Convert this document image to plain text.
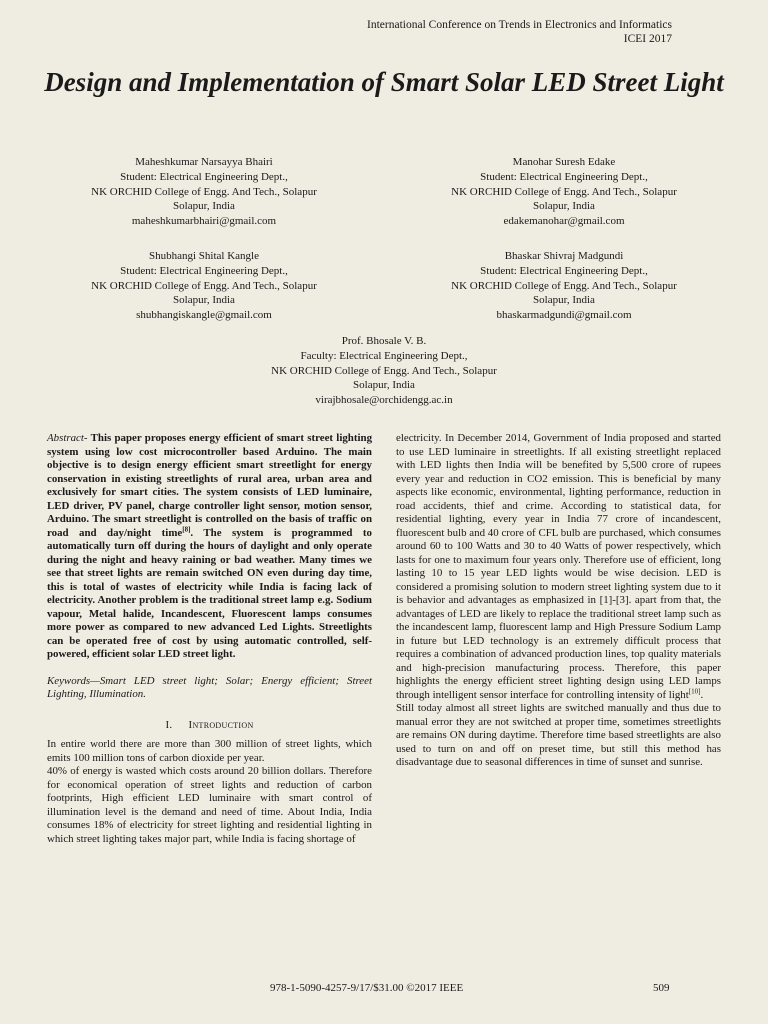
International Conference on Trends in Electronics and Informatics
ICEI 2017
Design and Implementation of Smart Solar LED Street Light
Maheshkumar Narsayya Bhairi
Student: Electrical Engineering Dept.,
NK ORCHID College of Engg. And Tech., Solapur
Solapur, India
maheshkumarbhairi@gmail.com
Manohar Suresh Edake
Student: Electrical Engineering Dept.,
NK ORCHID College of Engg. And Tech., Solapur
Solapur, India
edakemanohar@gmail.com
Shubhangi Shital Kangle
Student: Electrical Engineering Dept.,
NK ORCHID College of Engg. And Tech., Solapur
Solapur, India
shubhangiskangle@gmail.com
Bhaskar Shivraj Madgundi
Student: Electrical Engineering Dept.,
NK ORCHID College of Engg. And Tech., Solapur
Solapur, India
bhaskarmadgundi@gmail.com
Prof. Bhosale V. B.
Faculty: Electrical Engineering Dept.,
NK ORCHID College of Engg. And Tech., Solapur
Solapur, India
virajbhosale@orchidengg.ac.in

Abstract- This paper proposes energy efficient of smart street lighting system using low cost microcontroller based Arduino. The main objective is to design energy efficient smart streetlight for energy conservation in existing streetlights of rural area, urban area and exclusively for smart cities. The system consists of LED luminaire, LED driver, PV panel, charge controller light sensor, motion sensor, Arduino. The smart streetlight is controlled on the basis of traffic on road and day/night time[8]. The system is programmed to automatically turn off during the hours of daylight and only operate during the night and heavy raining or bad weather. Many times we see that street lights are remain switched ON even during day time, this is total of wastes of electricity while India is facing lack of electricity. Another problem is the traditional street lamp e.g. Sodium vapour, Metal halide, Incandescent, Fluorescent lamps consumes more power as compared to new advanced Led Lights. Streetlights can be operated free of cost by using automatic controlled, self-powered, efficient solar LED street light.

Keywords—Smart LED street light; Solar; Energy efficient; Street Lighting, Illumination.

I. Introduction

In entire world there are more than 300 million of street lights, which emits 100 million tons of carbon dioxide per year.

40% of energy is wasted which costs around 20 billion dollars. Therefore for economical operation of street lights and reduction of carbon footprints, High efficient LED luminaire with smart control of illumination level is the demand and need of time. About India, India consumes 18% of electricity for street lighting and residential lighting in which street lighting takes major part, while India is facing shortage of

electricity. In December 2014, Government of India proposed and started to use LED luminaire in streetlights. If all existing streetlight replaced with LED lights then India will be benefited by 5,500 crore of rupees every year and reduction in CO2 emission. This is beneficial by many aspects like economic, environmental, lighting performance, reduction in road accidents, thief and crime. According to statistical data, for residential lighting, every year in India 77 crore of incandescent, fluorescent bulb and 40 crore of CFL bulb are purchased, which consumes around 60 to 100 Watts and 30 to 40 Watts of power respectively, which lasts for one to maximum four years only. Therefore use of efficient, long lasting 10 to 15 year LED lights would be wise decision. LED is considered a promising solution to modern street lighting system due to it is behavior and advantages as emphasized in [1]-[3]. apart from that, the advantages of LED are likely to replace the traditional street lamp such as the incandescent lamp, fluorescent lamp and High Pressure Sodium Lamp in future but LED technology is an extremely difficult process that requires a combination of advanced production lines, top quality materials and high-precision manufacturing process. Therefore, this paper highlights the energy efficient street lighting design using LED lamps through intelligent sensor interface for controlling intensity of light[10].

Still today almost all street lights are switched manually and thus due to manual error they are not switched at proper time, sometimes streetlights are remains ON during daytime. Therefore time based streetlights are also used to turn on and off on preset time, but still this method has disadvantage due to seasonal differences in time of sunset and sunrise.

978-1-5090-4257-9/17/$31.00 ©2017 IEEE	509
